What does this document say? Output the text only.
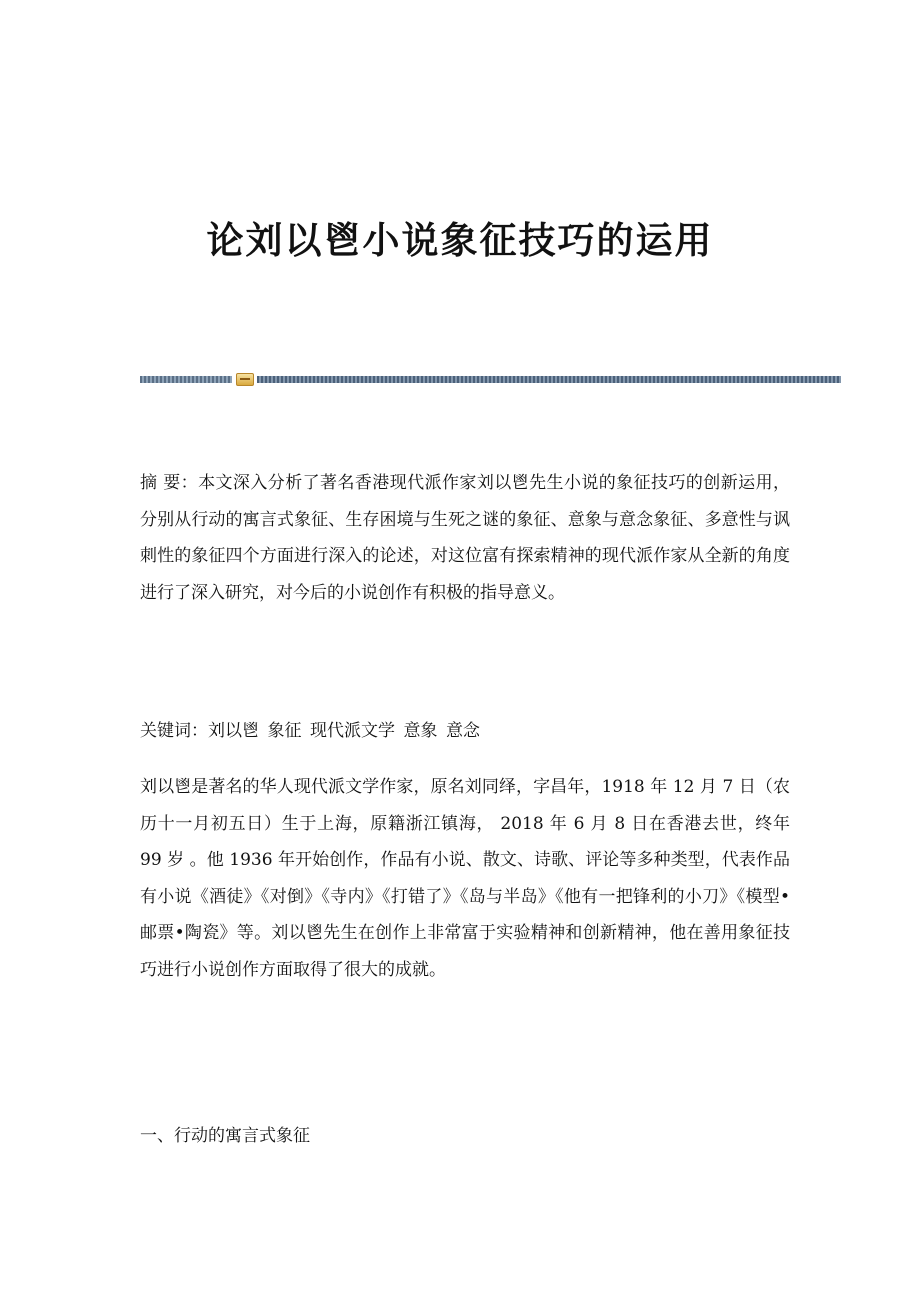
论刘以鬯小说象征技巧的运用

摘 要：本文深入分析了著名香港现代派作家刘以鬯先生小说的象征技巧的创新运用，分别从行动的寓言式象征、生存困境与生死之谜的象征、意象与意念象征、多意性与讽刺性的象征四个方面进行深入的论述，对这位富有探索精神的现代派作家从全新的角度进行了深入研究，对今后的小说创作有积极的指导意义。

关键词：刘以鬯 象征 现代派文学 意象 意念

刘以鬯是著名的华人现代派文学作家，原名刘同绎，字昌年，1918 年 12 月 7 日（农历十一月初五日）生于上海，原籍浙江镇海， 2018 年 6 月 8 日在香港去世，终年 99 岁 。他 1936 年开始创作，作品有小说、散文、诗歌、评论等多种类型，代表作品有小说《酒徒》《对倒》《寺内》《打错了》《岛与半岛》《他有一把锋利的小刀》《模型•邮票•陶瓷》等。刘以鬯先生在创作上非常富于实验精神和创新精神，他在善用象征技巧进行小说创作方面取得了很大的成就。

一、行动的寓言式象征
